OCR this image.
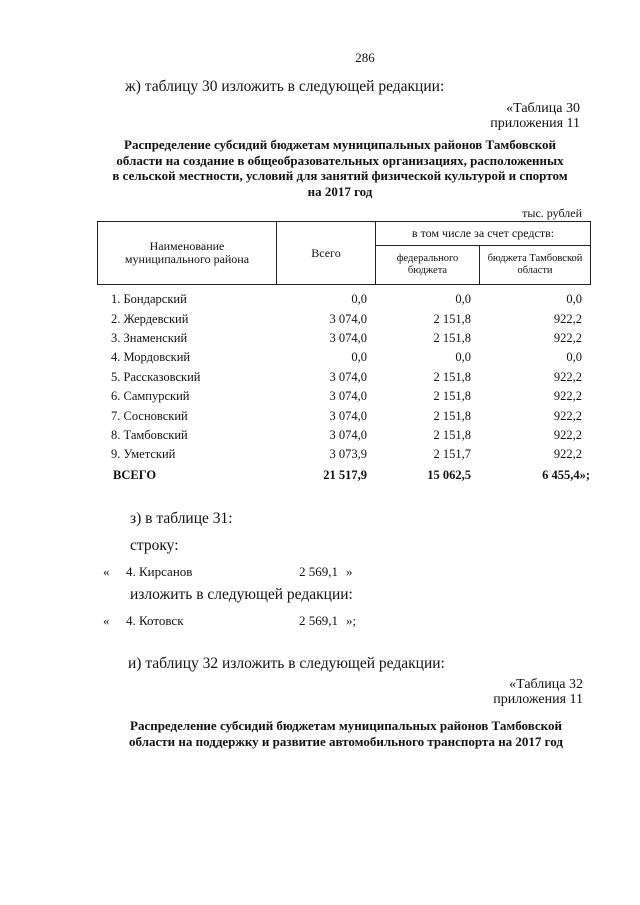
286
ж) таблицу 30 изложить в следующей редакции:
«Таблица 30
приложения 11
Распределение субсидий бюджетам муниципальных районов Тамбовской
области на создание в общеобразовательных организациях, расположенных
в сельской местности, условий для занятий физической культурой и спортом
на 2017 год
тыс. рублей
Наименование муниципального района	Всего	в том числе за счет средств:	
		федерального бюджета	бюджета Тамбовской области
1. Бондарский	0,0	0,0	0,0
2. Жердевский	3 074,0	2 151,8	922,2
3. Знаменский	3 074,0	2 151,8	922,2
4. Мордовский	0,0	0,0	0,0
5. Рассказовский	3 074,0	2 151,8	922,2
6. Сампурский	3 074,0	2 151,8	922,2
7. Сосновский	3 074,0	2 151,8	922,2
8. Тамбовский	3 074,0	2 151,8	922,2
9. Уметский	3 073,9	2 151,7	922,2
ВСЕГО	21 517,9	15 062,5	6 455,4»;
з) в таблице 31:
строку:
« 4. Кирсанов	2 569,1 »
изложить в следующей редакции:
« 4. Котовск	2 569,1 »;
и) таблицу 32 изложить в следующей редакции:
«Таблица 32
приложения 11
Распределение субсидий бюджетам муниципальных районов Тамбовской
области на поддержку и развитие автомобильного транспорта на 2017 год
